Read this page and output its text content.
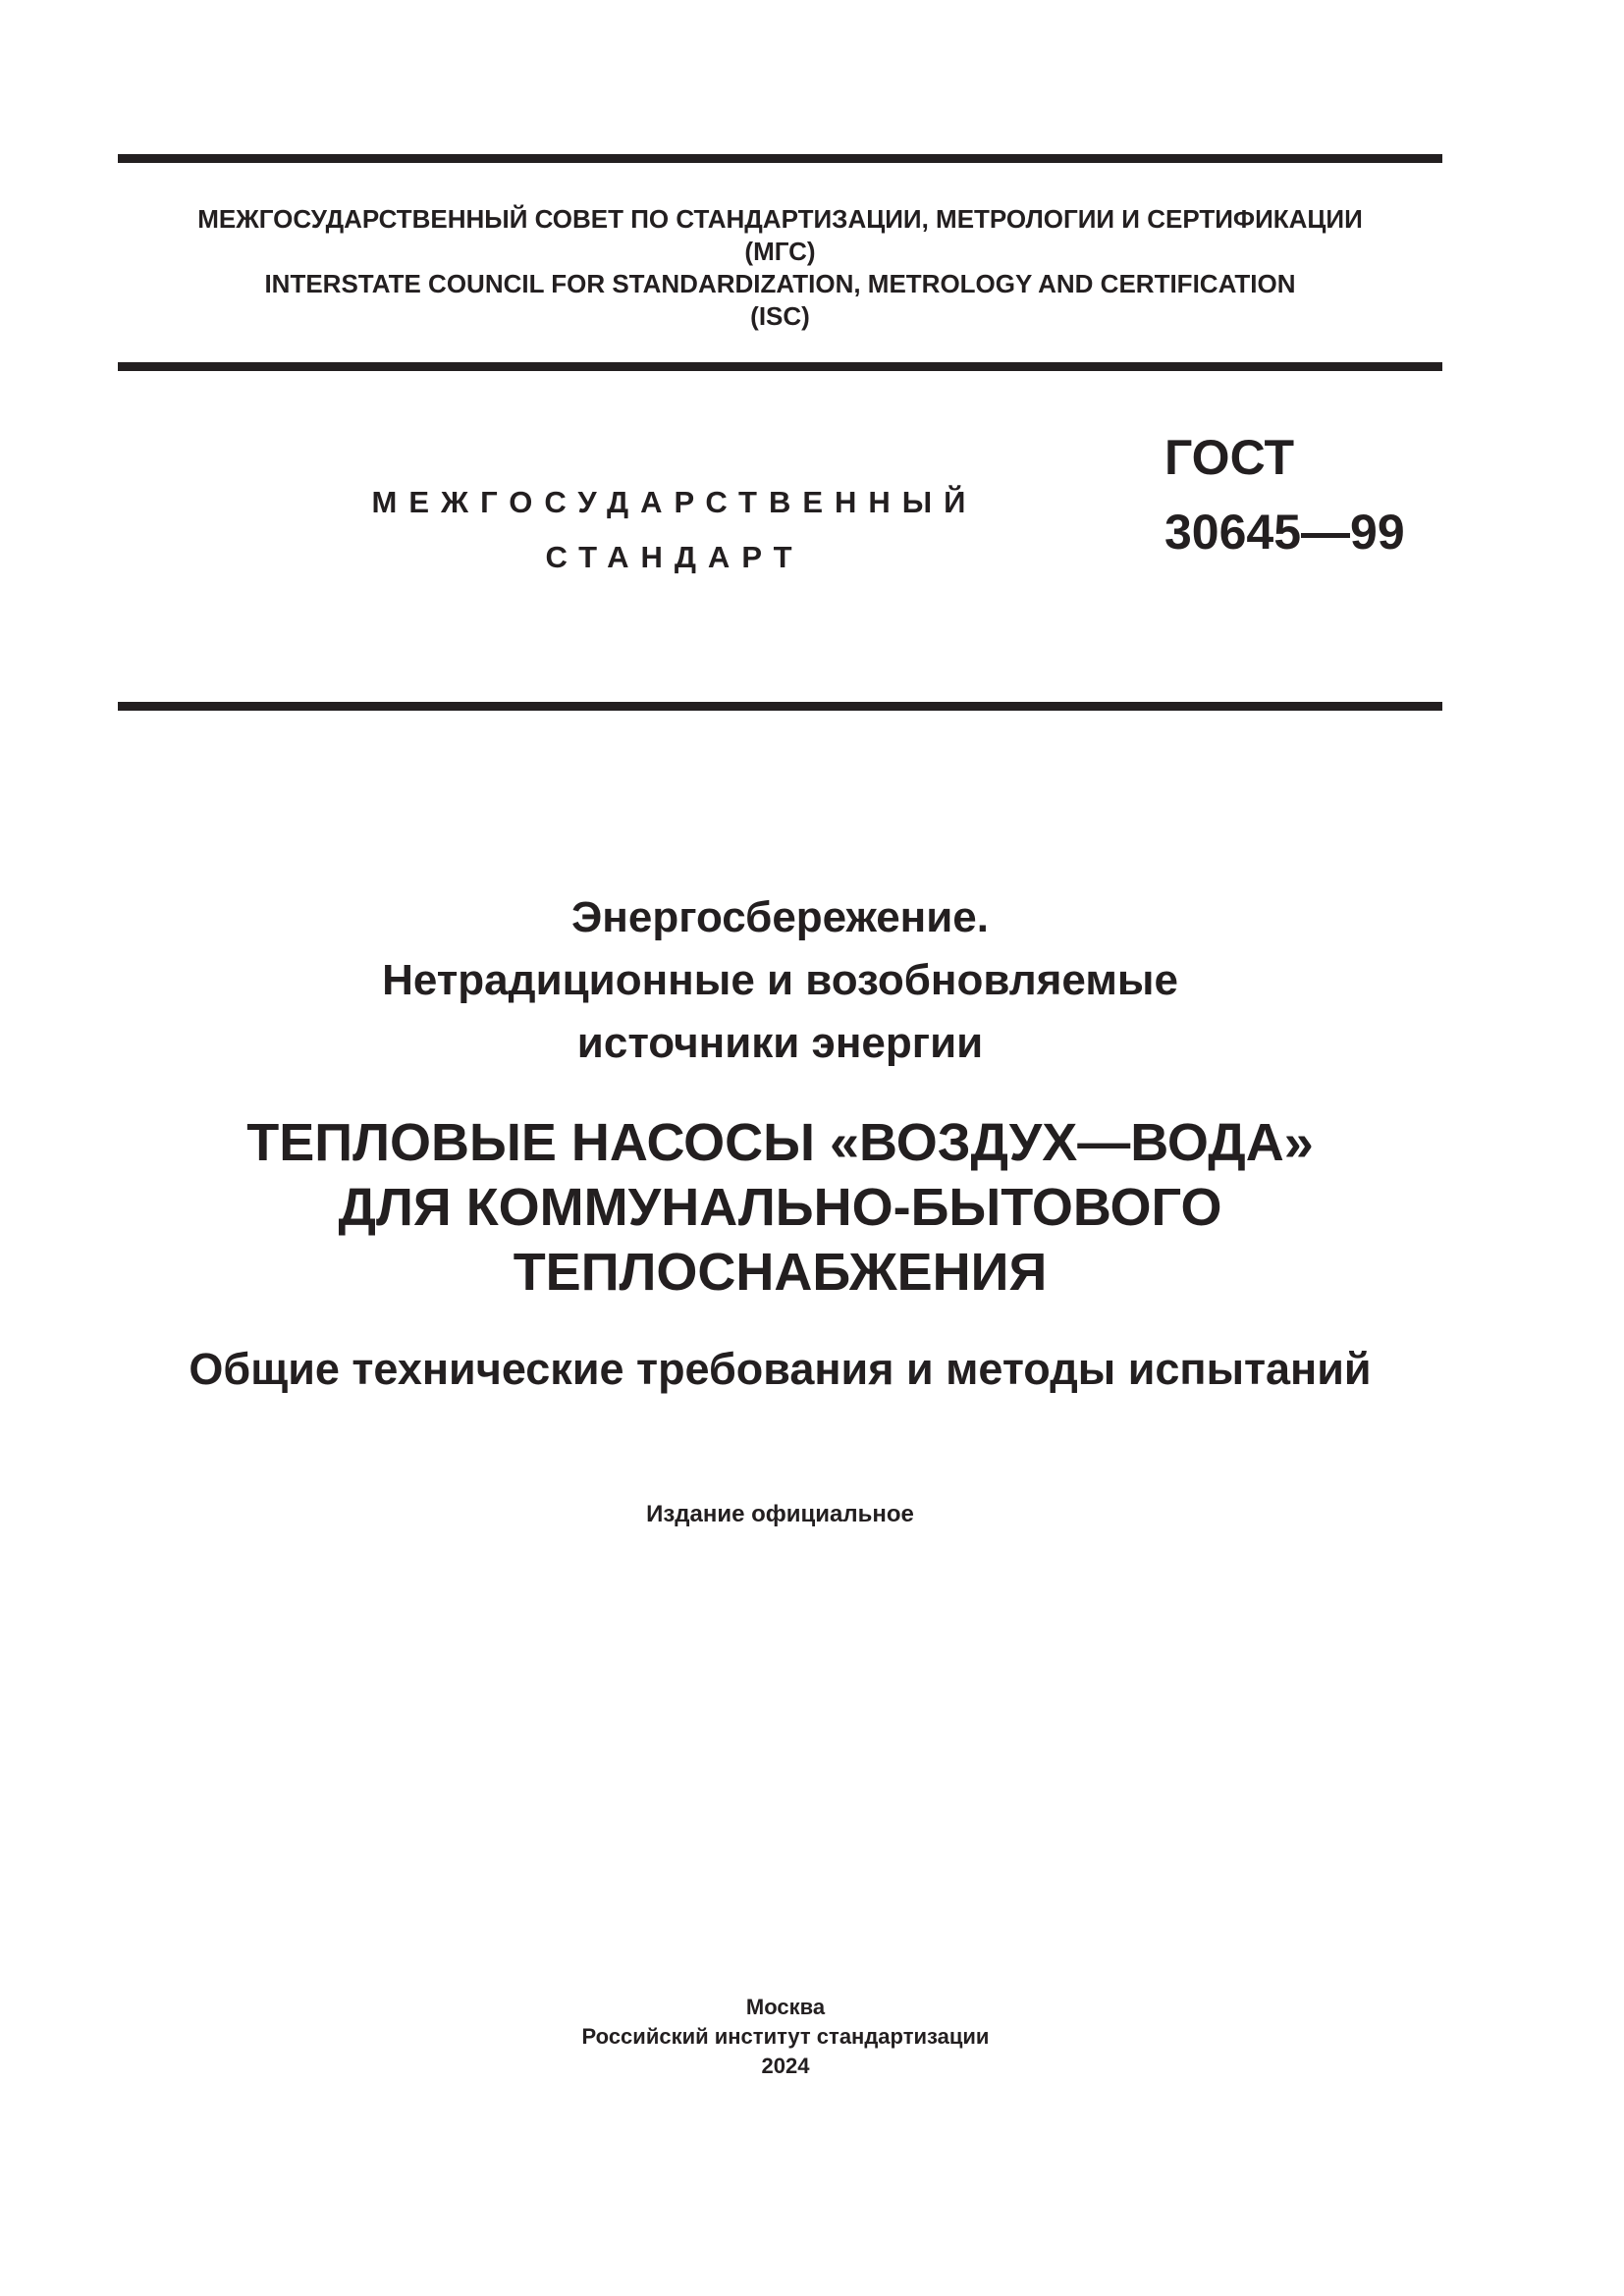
МЕЖГОСУДАРСТВЕННЫЙ СОВЕТ ПО СТАНДАРТИЗАЦИИ, МЕТРОЛОГИИ И СЕРТИФИКАЦИИ
(МГС)
INTERSTATE COUNCIL FOR STANDARDIZATION, METROLOGY AND CERTIFICATION
(ISC)
МЕЖГОСУДАРСТВЕННЫЙ
СТАНДАРТ
ГОСТ
30645—99
Энергосбережение.
Нетрадиционные и возобновляемые
источники энергии
ТЕПЛОВЫЕ НАСОСЫ «ВОЗДУХ—ВОДА»
ДЛЯ КОММУНАЛЬНО-БЫТОВОГО
ТЕПЛОСНАБЖЕНИЯ
Общие технические требования и методы испытаний
Издание официальное
Москва
Российский институт стандартизации
2024
